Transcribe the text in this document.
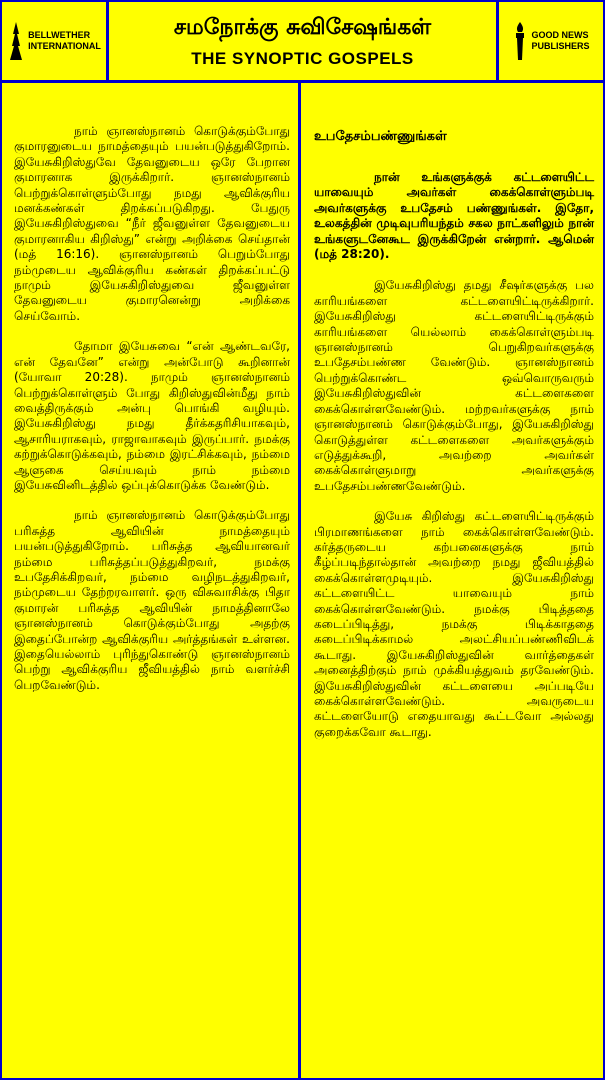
BELLWETHER
INTERNATIONAL
சமநோக்கு சுவிசேஷங்கள்
THE SYNOPTIC GOSPELS
GOOD NEWS
PUBLISHERS

நாம் ஞானஸ்நானம் கொடுக்கும்போது குமாரனுடைய நாமத்தையும் பயன்படுத்துகிறோம். இயேசுகிறிஸ்துவே தேவனுடைய ஒரே பேறான குமாரனாக இருக்கிறார். ஞானஸ்நானம் பெற்றுக்கொள்ளும்போது நமது ஆவிக்குரிய மனக்கண்கள் திறக்கப்படுகிறது. பேதுரு இயேசுகிறிஸ்துவை “நீர் ஜீவனுள்ள தேவனுடைய குமாரனாகிய கிறிஸ்து” என்று அறிக்கை செய்தான் (மத் 16:16). ஞானஸ்நானம் பெறும்போது நம்முடைய ஆவிக்குரிய கண்கள் திறக்கப்பட்டு நாமும் இயேசுகிறிஸ்துவை ஜீவனுள்ள தேவனுடைய குமாரனென்று அறிக்கை செய்வோம்.

தோமா இயேசுவை “என் ஆண்டவரே, என் தேவனே” என்று அன்போடு கூறினான் (யோவா 20:28). நாமும் ஞானஸ்நானம் பெற்றுக்கொள்ளும் போது கிறிஸ்துவின்மீது நாம் வைத்திருக்கும் அன்பு பொங்கி வழியும். இயேசுகிறிஸ்து நமது தீர்க்கதரிசியாகவும், ஆசாரியராகவும், ராஜாவாகவும் இருப்பார். நமக்கு கற்றுக்கொடுக்கவும், நம்மை இரட்சிக்கவும், நம்மை ஆளுகை செய்யவும் நாம் நம்மை இயேசுவினிடத்தில் ஒப்புக்கொடுக்க வேண்டும்.

நாம் ஞானஸ்நானம் கொடுக்கும்போது பரிசுத்த ஆவியின் நாமத்தையும் பயன்படுத்துகிறோம். பரிசுத்த ஆவியானவர் நம்மை பரிசுத்தப்படுத்துகிறவர், நமக்கு உபதேசிக்கிறவர், நம்மை வழிநடத்துகிறவர், நம்முடைய தேற்றரவாளர். ஒரு விசுவாசிக்கு பிதா குமாரன் பரிசுத்த ஆவியின் நாமத்தினாலே ஞானஸ்நானம் கொடுக்கும்போது அதற்கு இதைப்போன்ற ஆவிக்குரிய அர்த்தங்கள் உள்ளன. இதையெல்லாம் புரிந்துகொண்டு ஞானஸ்நானம் பெற்று ஆவிக்குரிய ஜீவியத்தில் நாம் வளர்ச்சி பெறவேண்டும்.

உபதேசம்பண்ணுங்கள்

நான் உங்களுக்குக் கட்டளையிட்ட யாவையும் அவர்கள் கைக்கொள்ளும்படி அவர்களுக்கு உபதேசம் பண்ணுங்கள். இதோ, உலகத்தின் முடிவுபரியந்தம் சகல நாட்களிலும் நான் உங்களுடனேகூட இருக்கிறேன் என்றார். ஆமென் (மத் 28:20).

இயேசுகிறிஸ்து தமது சீஷர்களுக்கு பல காரியங்களை கட்டளையிட்டிருக்கிறார். இயேசுகிறிஸ்து கட்டளையிட்டிருக்கும் காரியங்களை யெல்லாம் கைக்கொள்ளும்படி ஞானஸ்நானம் பெறுகிறவர்களுக்கு உபதேசம்பண்ண வேண்டும். ஞானஸ்நானம் பெற்றுக்கொண்ட ஒவ்வொருவரும் இயேசுகிறிஸ்துவின் கட்டளைகளை கைக்கொள்ளவேண்டும். மற்றவர்களுக்கு நாம் ஞானஸ்நானம் கொடுக்கும்போது, இயேசுகிறிஸ்து கொடுத்துள்ள கட்டளைகளை அவர்களுக்கும் எடுத்துக்கூறி, அவற்றை அவர்கள் கைக்கொள்ளுமாறு அவர்களுக்கு உபதேசம்பண்ணவேண்டும்.

இயேசு கிறிஸ்து கட்டளையிட்டிருக்கும் பிரமாணங்களை நாம் கைக்கொள்ளவேண்டும். கர்த்தருடைய கற்பனைகளுக்கு நாம் கீழ்ப்படிந்தால்தான் அவற்றை நமது ஜீவியத்தில் கைக்கொள்ளமுடியும். இயேசுகிறிஸ்து கட்டளையிட்ட யாவையும் நாம் கைக்கொள்ளவேண்டும். நமக்கு பிடித்ததை கடைப்பிடித்து, நமக்கு பிடிக்காததை கடைப்பிடிக்காமல் அலட்சியப்பண்ணிவிடக் கூடாது. இயேசுகிறிஸ்துவின் வார்த்தைகள் அனைத்திற்கும் நாம் முக்கியத்துவம் தரவேண்டும். இயேசுகிறிஸ்துவின் கட்டளையை அப்படியே கைக்கொள்ளவேண்டும். அவருடைய கட்டளையோடு எதையாவது கூட்டவோ அல்லது குறைக்கவோ கூடாது.
